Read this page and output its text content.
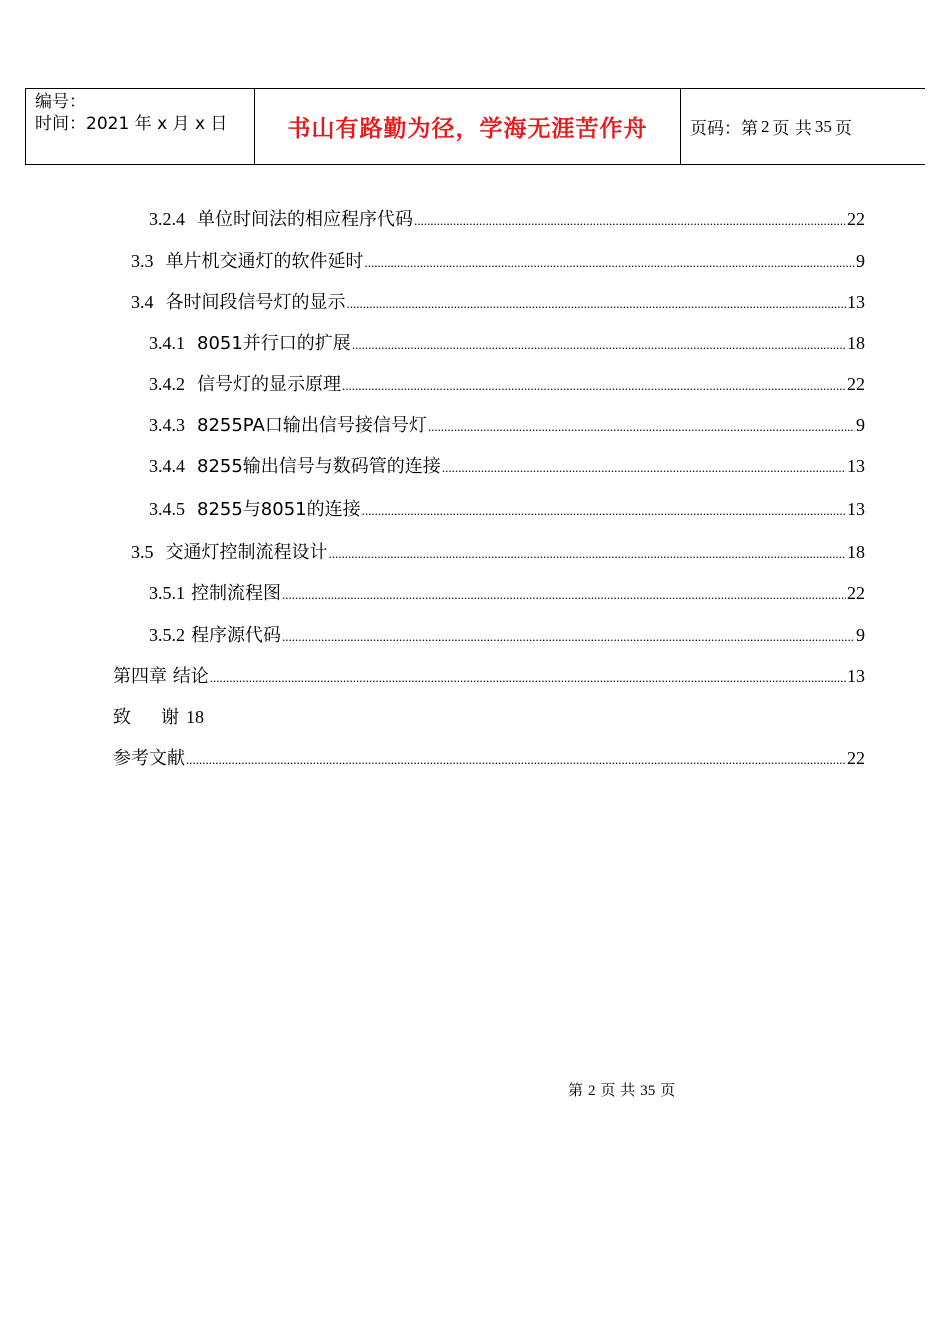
编号：
时间：2021 年 x 月 x 日	书山有路勤为径，学海无涯苦作舟	页码：第 2 页 共 35 页
3.2.4 单位时间法的相应程序代码 .....	22
3.3 单片机交通灯的软件延时 .....	9
3.4 各时间段信号灯的显示 .....	13
3.4.1 8051并行口的扩展 .....	18
3.4.2 信号灯的显示原理 .....	22
3.4.3 8255PA口输出信号接信号灯 .....	9
3.4.4 8255输出信号与数码管的连接 .....	13
3.4.5 8255与8051的连接 .....	13
3.5 交通灯控制流程设计 .....	18
3.5.1 控制流程图 .....	22
3.5.2 程序源代码 .....	9
第四章 结论 .....	13
致 谢 18
参考文献 .....	22
第 2 页 共 35 页
